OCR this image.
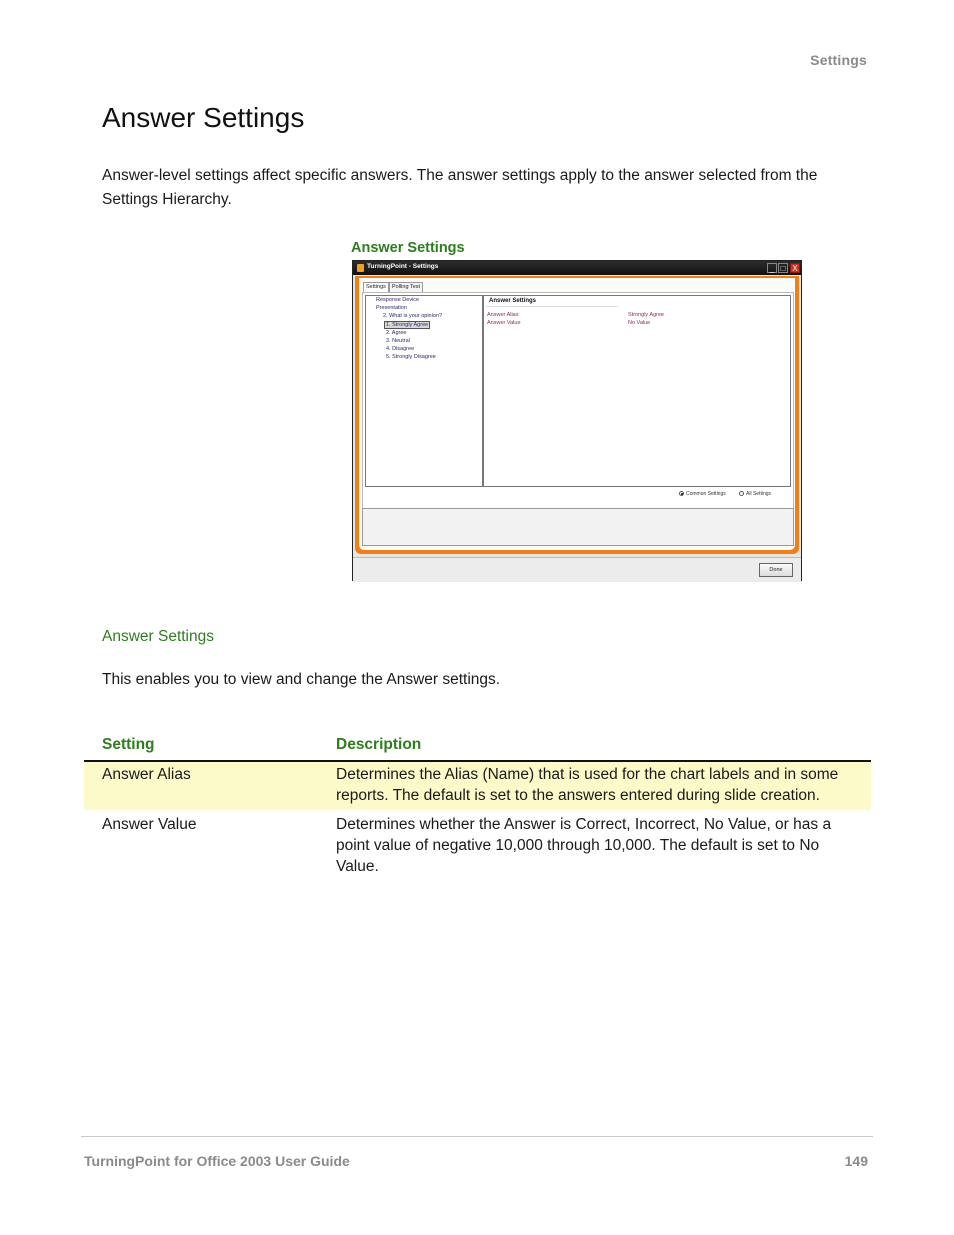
Settings
Answer Settings
Answer-level settings affect specific answers. The answer settings apply to the answer selected from the Settings Hierarchy.
Answer Settings
TurningPoint - Settings	_ □ X
Settings	Polling Test
Response Device
Presentation
2. What is your opinion?
1. Strongly Agree
2. Agree
3. Neutral
4. Disagree
5. Strongly Disagree
Answer Settings
Answer Alias	Strongly Agree
Answer Value	No Value
Common Settings	All Settings
Done
Answer Settings
This enables you to view and change the Answer settings.
Setting	Description
Answer Alias	Determines the Alias (Name) that is used for the chart labels and in some reports. The default is set to the answers entered during slide creation.
Answer Value	Determines whether the Answer is Correct, Incorrect, No Value, or has a point value of negative 10,000 through 10,000. The default is set to No Value.
TurningPoint for Office 2003 User Guide	149
